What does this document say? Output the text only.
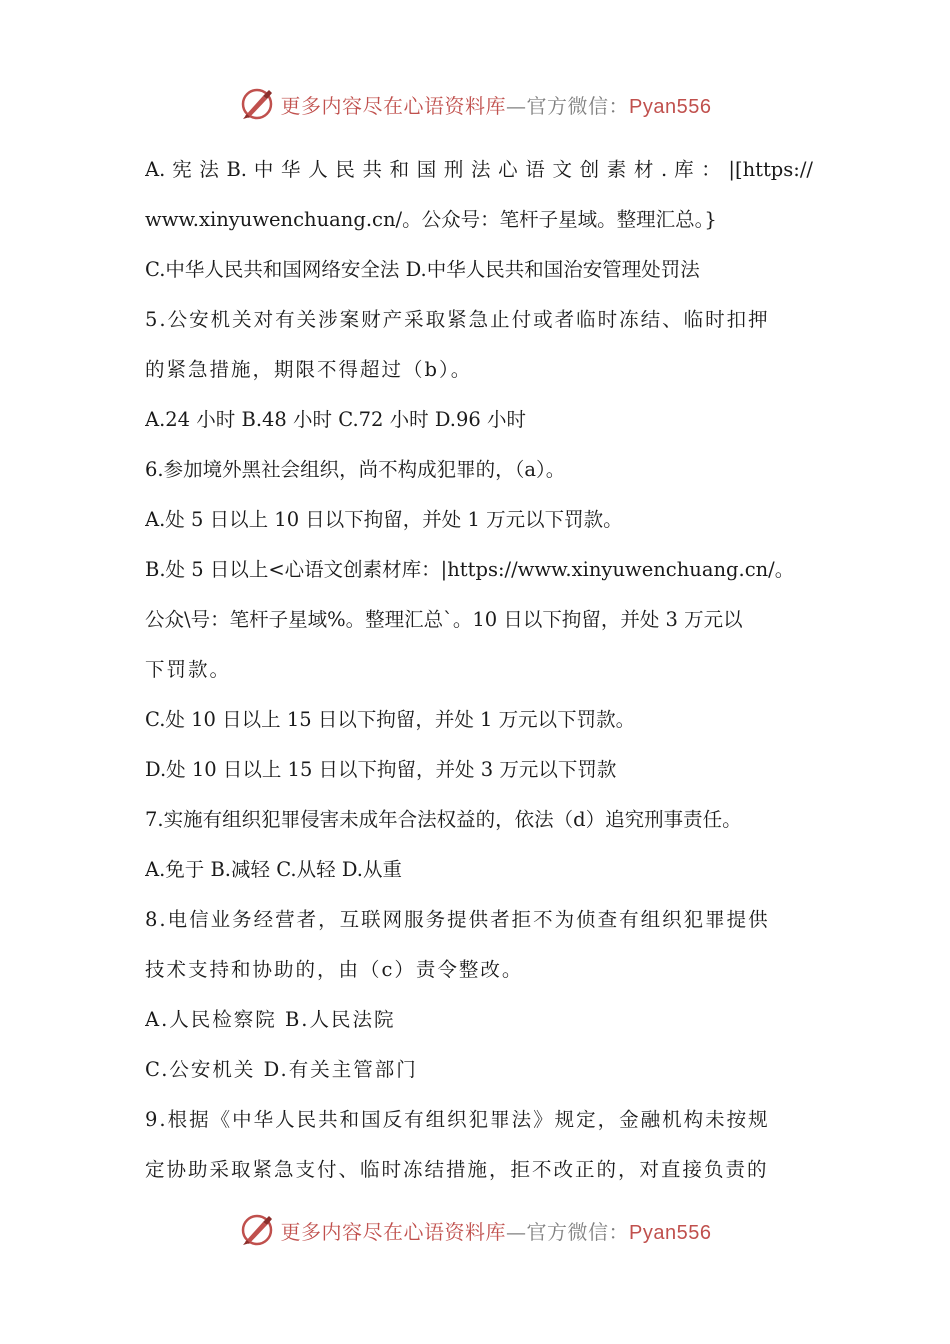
更多内容尽在心语资料库—官方微信：Pyan556
A. 宪 法 B. 中 华 人 民 共 和 国 刑 法 心 语 文 创 素 材 . 库 ： |[https://
www.xinyuwenchuang.cn/。公众号：笔杆子星域。整理汇总。}
C.中华人民共和国网络安全法 D.中华人民共和国治安管理处罚法
5.公安机关对有关涉案财产采取紧急止付或者临时冻结、临时扣押
的紧急措施，期限不得超过（b）。
A.24 小时 B.48 小时 C.72 小时 D.96 小时
6.参加境外黑社会组织，尚不构成犯罪的，（a）。
A.处 5 日以上 10 日以下拘留，并处 1 万元以下罚款。
B.处 5 日以上<心语文创素材库：|https://www.xinyuwenchuang.cn/。
公众\号：笔杆子星域%。整理汇总`。10 日以下拘留，并处 3 万元以
下罚款。
C.处 10 日以上 15 日以下拘留，并处 1 万元以下罚款。
D.处 10 日以上 15 日以下拘留，并处 3 万元以下罚款
7.实施有组织犯罪侵害未成年合法权益的，依法（d）追究刑事责任。
A.免于 B.减轻 C.从轻 D.从重
8.电信业务经营者，互联网服务提供者拒不为侦查有组织犯罪提供
技术支持和协助的，由（c）责令整改。
A.人民检察院 B.人民法院
C.公安机关 D.有关主管部门
9.根据《中华人民共和国反有组织犯罪法》规定，金融机构未按规
定协助采取紧急支付、临时冻结措施，拒不改正的，对直接负责的
更多内容尽在心语资料库—官方微信：Pyan556
